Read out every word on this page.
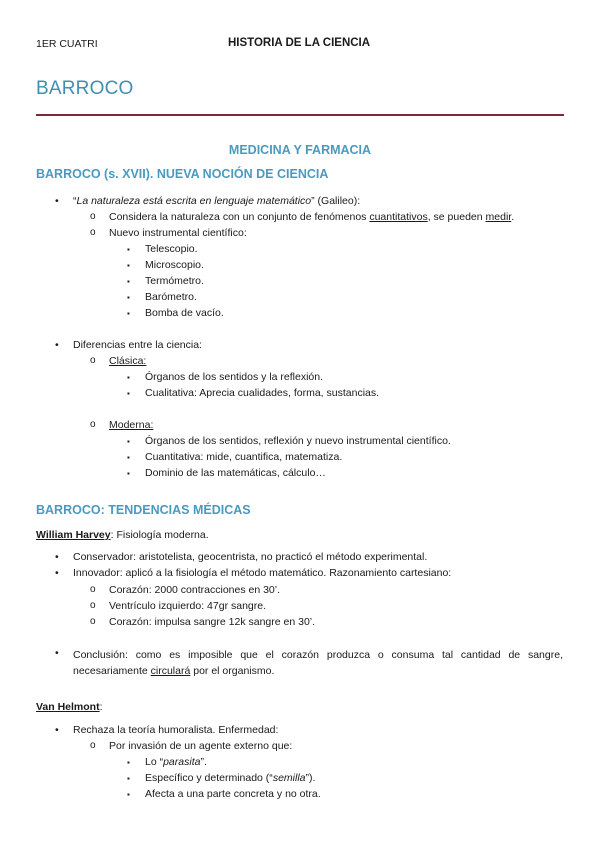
1ER CUATRI	HISTORIA DE LA CIENCIA
BARROCO
MEDICINA Y FARMACIA
BARROCO (s. XVII). NUEVA NOCIÓN DE CIENCIA
• “La naturaleza está escrita en lenguaje matemático” (Galileo):
o Considera la naturaleza con un conjunto de fenómenos cuantitativos, se pueden medir.
o Nuevo instrumental científico:
▪ Telescopio.
▪ Microscopio.
▪ Termómetro.
▪ Barómetro.
▪ Bomba de vacío.
• Diferencias entre la ciencia:
o Clásica:
▪ Órganos de los sentidos y la reflexión.
▪ Cualitativa: Aprecia cualidades, forma, sustancias.
o Moderna:
▪ Órganos de los sentidos, reflexión y nuevo instrumental científico.
▪ Cuantitativa: mide, cuantifica, matematiza.
▪ Dominio de las matemáticas, cálculo…
BARROCO: TENDENCIAS MÉDICAS
William Harvey: Fisiología moderna.
• Conservador: aristotelista, geocentrista, no practicó el método experimental.
• Innovador: aplicó a la fisiología el método matemático. Razonamiento cartesiano:
o Corazón: 2000 contracciones en 30’.
o Ventrículo izquierdo: 47gr sangre.
o Corazón: impulsa sangre 12k sangre en 30’.
• Conclusión: como es imposible que el corazón produzca o consuma tal cantidad de sangre, necesariamente circulará por el organismo.
Van Helmont:
• Rechaza la teoría humoralista. Enfermedad:
o Por invasión de un agente externo que:
▪ Lo “parasita”.
▪ Específico y determinado (“semilla”).
▪ Afecta a una parte concreta y no otra.
